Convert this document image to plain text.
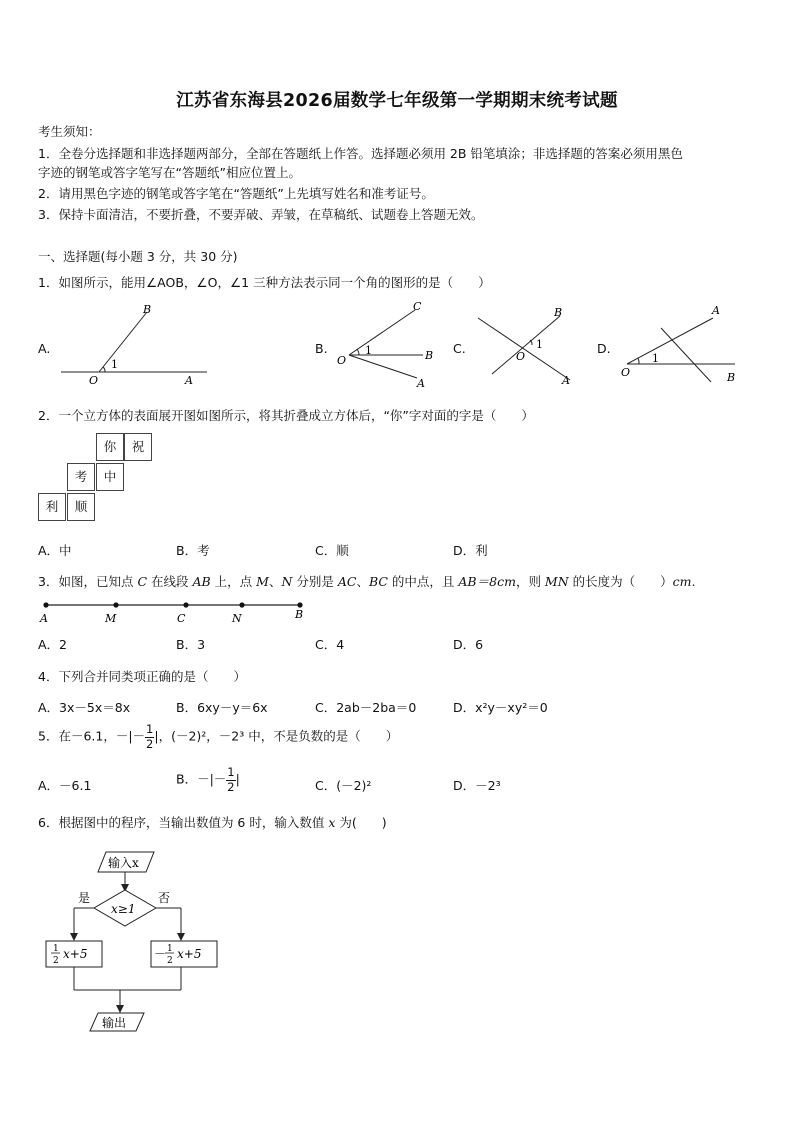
江苏省东海县2026届数学七年级第一学期期末统考试题
考生须知：
1．全卷分选择题和非选择题两部分，全部在答题纸上作答。选择题必须用 2B 铅笔填涂；非选择题的答案必须用黑色
字迹的钢笔或答字笔写在“答题纸”相应位置上。
2．请用黑色字迹的钢笔或答字笔在“答题纸”上先填写姓名和准考证号。
3．保持卡面清洁，不要折叠，不要弄破、弄皱，在草稿纸、试题卷上答题无效。
一、选择题(每小题 3 分，共 30 分)
1．如图所示，能用∠AOB，∠O，∠1 三种方法表示同一个角的图形的是（　　）
A.	B.	C.	D.
B
O	A
1
C
O	B
A
1
B
O
A
1
A
O	B
1
2．一个立方体的表面展开图如图所示，将其折叠成立方体后，“你”字对面的字是（　　）
你	祝
考	中
利	顺
A．中	B．考	C．顺	D．利
3．如图，已知点 C 在线段 AB 上，点 M、N 分别是 AC、BC 的中点，且 AB＝8cm，则 MN 的长度为（　　）cm.
A	M	C	N	B
A．2	B．3	C．4	D．6
4．下列合并同类项正确的是（　　）
A．3x－5x＝8x	B．6xy－y＝6x	C．2ab－2ba＝0	D．x²y－xy²＝0
5．在－6.1，－|－ $\frac{1}{2}$ |，(－2)²，－2³ 中，不是负数的是（　　）
A．－6.1	B．－|－ $\frac{1}{2}$ |	C．(－2)²	D．－2³
6．根据图中的程序，当输出数值为 6 时，输入数值 x 为(　　)
输入x
x≥1
是	否
1
2 x+5	－ 1
2 x+5
输出
